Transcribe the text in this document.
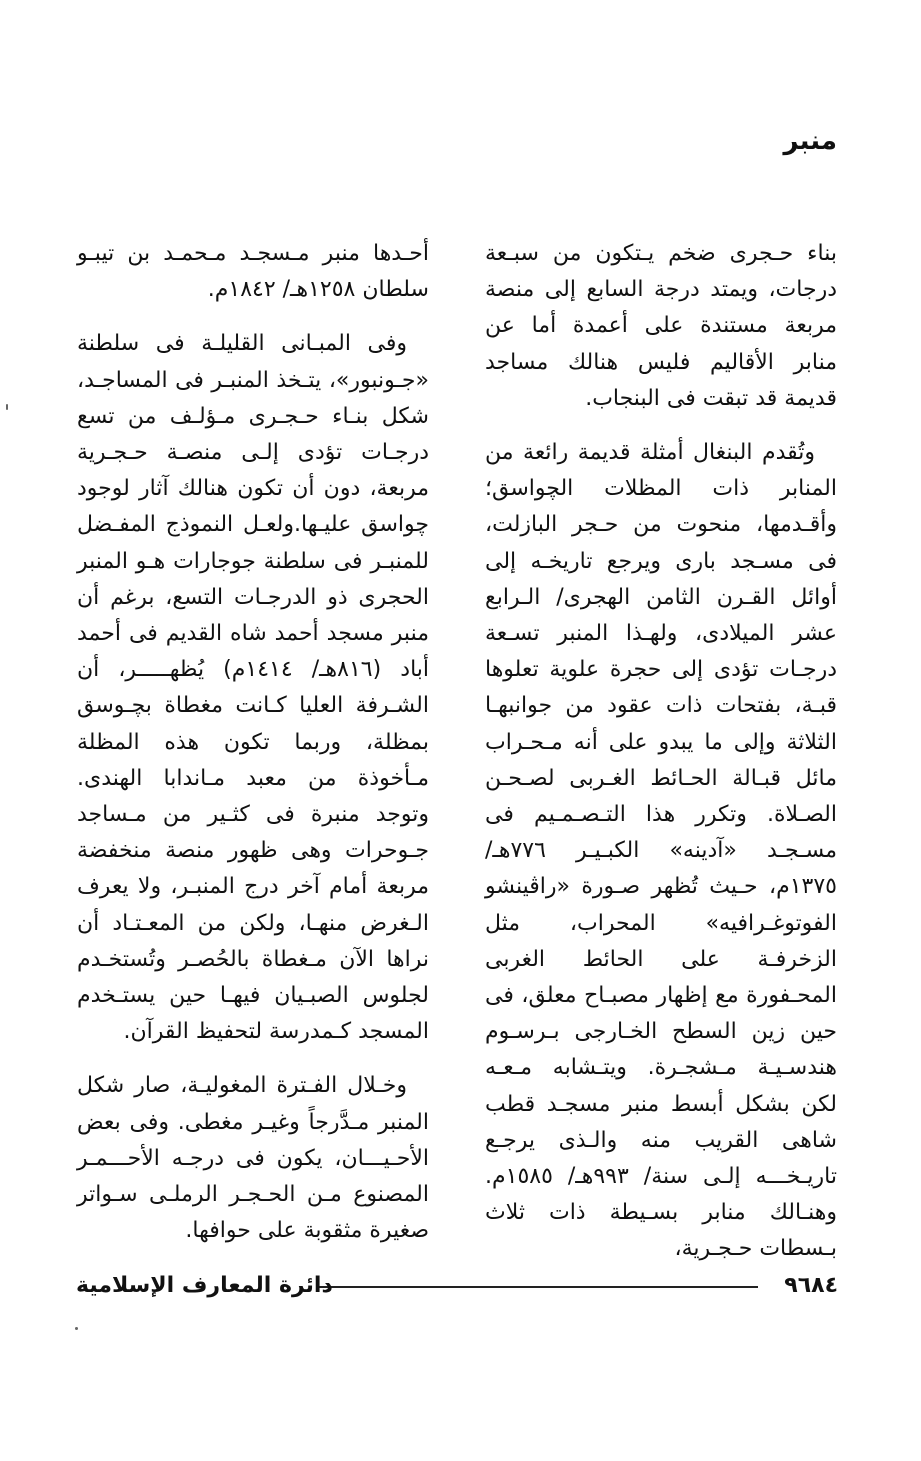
منبر

بناء حـجرى ضخم يـتكون من سبـعة درجات، ويمتد درجة السابع إلى منصة مربعة مستندة على أعمدة أما عن منابر الأقاليم فليس هنالك مساجد قديمة قد تبقت فى البنجاب.

وتُقدم البنغال أمثلة قديمة رائعة من المنابر ذات المظلات الچواسق؛ وأقـدمها، منحوت من حـجر البازلت، فى مسـجد بارى ويرجع تاريخـه إلى أوائل القـرن الثامن الهجرى/ الـرابع عشر الميلادى، ولهـذا المنبر تسـعة درجـات تؤدى إلى حجرة علوية تعلوها قبـة، بفتحات ذات عقود من جوانبهـا الثلاثة وإلى ما يبدو على أنه مـحـراب مائل قبـالة الحـائط الغـربى لصـحـن الصـلاة. وتكرر هذا التـصـمـيم فى مسـجـد «آدينه» الكبـيـر ٧٧٦هـ/ ١٣٧٥م، حـيث تُظهر صـورة «راڤينشو الفوتوغـرافيه» المحراب، مثل الزخرفـة على الحائط الغربى المحـفورة مع إظهار مصبـاح معلق، فى حين زين السطح الخـارجى بـرسـوم هندسـيـة مـشجـرة. ويتـشابه مـعـه لكن بشكل أبسط منبر مسجـد قطب شاهى القريب منه والـذى يرجـع تاريـخـــه إلـى سنة/ ٩٩٣هـ/ ١٥٨٥م. وهنـالك منابر بسـيطة ذات ثلاث بـسطات حـجـرية،

أحـدها منبر مـسجـد مـحمـد بن تيبـو سلطان ١٢٥٨هـ/ ١٨٤٢م.

وفى المبـانى القليلـة فى سلطنة «جـونبور»، يتـخذ المنبـر فى المساجـد، شكل بنـاء حـجـرى مـؤلـف من تسع درجـات تؤدى إلـى منصـة حـجـرية مربعة، دون أن تكون هنالك آثار لوجود چواسق عليـها.ولعـل النموذج المفـضل للمنبـر فى سلطنة جوجارات هـو المنبر الحجرى ذو الدرجـات التسع، برغم أن منبر مسجد أحمد شاه القديم فى أحمد أباد (٨١٦هـ/ ١٤١٤م) يُظهـــــر، أن الشـرفة العليا كـانت مغطاة بچـوسق بمظلة، وربما تكون هذه المظلة مـأخوذة من معبد مـاندابا الهندى. وتوجد منبرة فى كثـير من مـساجد جـوحرات وهى ظهور منصة منخفضة مربعة أمام آخر درج المنبـر، ولا يعرف الـغرض منهـا، ولكن من المعـتـاد أن نراها الآن مـغطاة بالحُصـر وتُستخـدم لجلوس الصبـيان فيهـا حين يستـخدم المسجد كـمدرسة لتحفيظ القرآن.

وخـلال الفـترة المغوليـة، صار شكل المنبر مـدَّرجاً وغيـر مغطى. وفى بعض الأحـيـــان، يكون فى درجـه الأحـــمـر المصنوع مـن الحـجـر الرملـى سـواتر صغيرة مثقوبة على حوافها.

٩٦٨٤
دائرة المعارف الإسلامية
